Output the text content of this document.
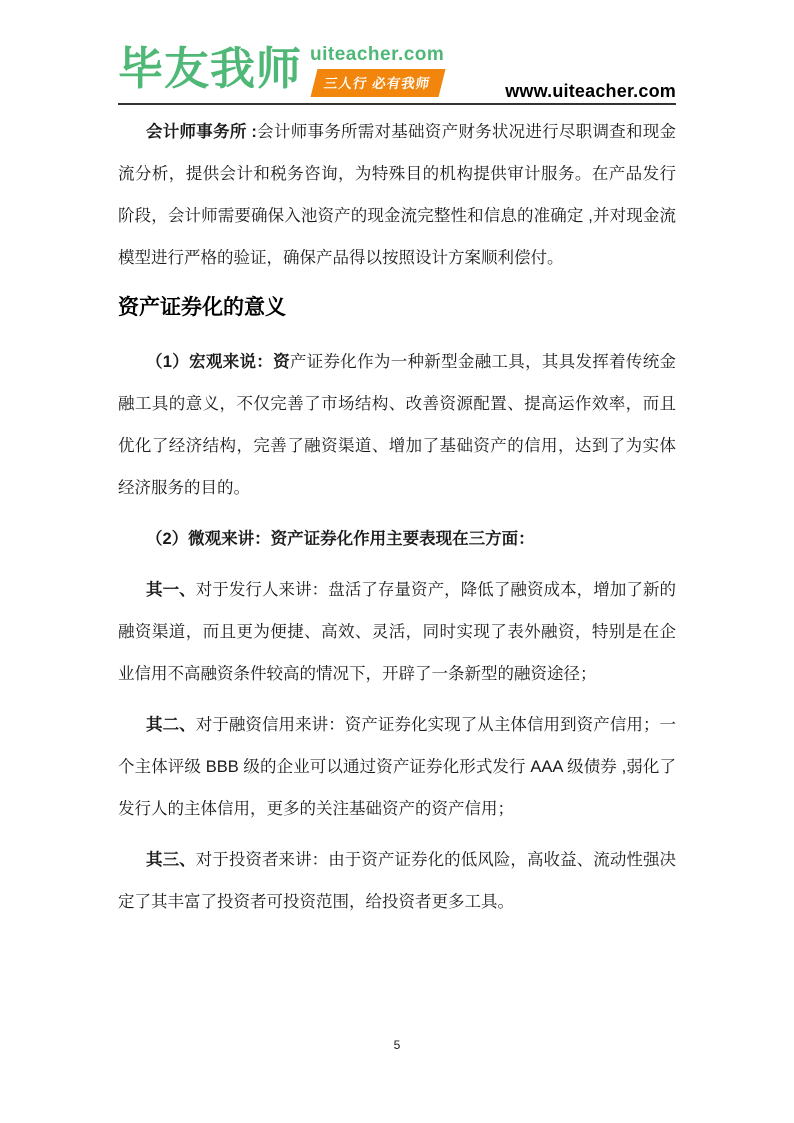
毕友我师 uiteacher.com
三人行 必有我师	www.uiteacher.com

会计师事务所 :会计师事务所需对基础资产财务状况进行尽职调查和现金流分析，提供会计和税务咨询，为特殊目的机构提供审计服务。在产品发行阶段，会计师需要确保入池资产的现金流完整性和信息的准确定 ,并对现金流模型进行严格的验证，确保产品得以按照设计方案顺利偿付。

资产证券化的意义

（1）宏观来说：资产证券化作为一种新型金融工具，其具发挥着传统金融工具的意义，不仅完善了市场结构、改善资源配置、提高运作效率，而且优化了经济结构，完善了融资渠道、增加了基础资产的信用，达到了为实体经济服务的目的。

（2）微观来讲：资产证券化作用主要表现在三方面：

其一、对于发行人来讲：盘活了存量资产，降低了融资成本，增加了新的融资渠道，而且更为便捷、高效、灵活，同时实现了表外融资，特别是在企业信用不高融资条件较高的情况下，开辟了一条新型的融资途径；

其二、对于融资信用来讲：资产证券化实现了从主体信用到资产信用；一个主体评级 BBB 级的企业可以通过资产证券化形式发行 AAA 级债券 ,弱化了发行人的主体信用，更多的关注基础资产的资产信用；

其三、对于投资者来讲：由于资产证券化的低风险，高收益、流动性强决定了其丰富了投资者可投资范围，给投资者更多工具。

5
